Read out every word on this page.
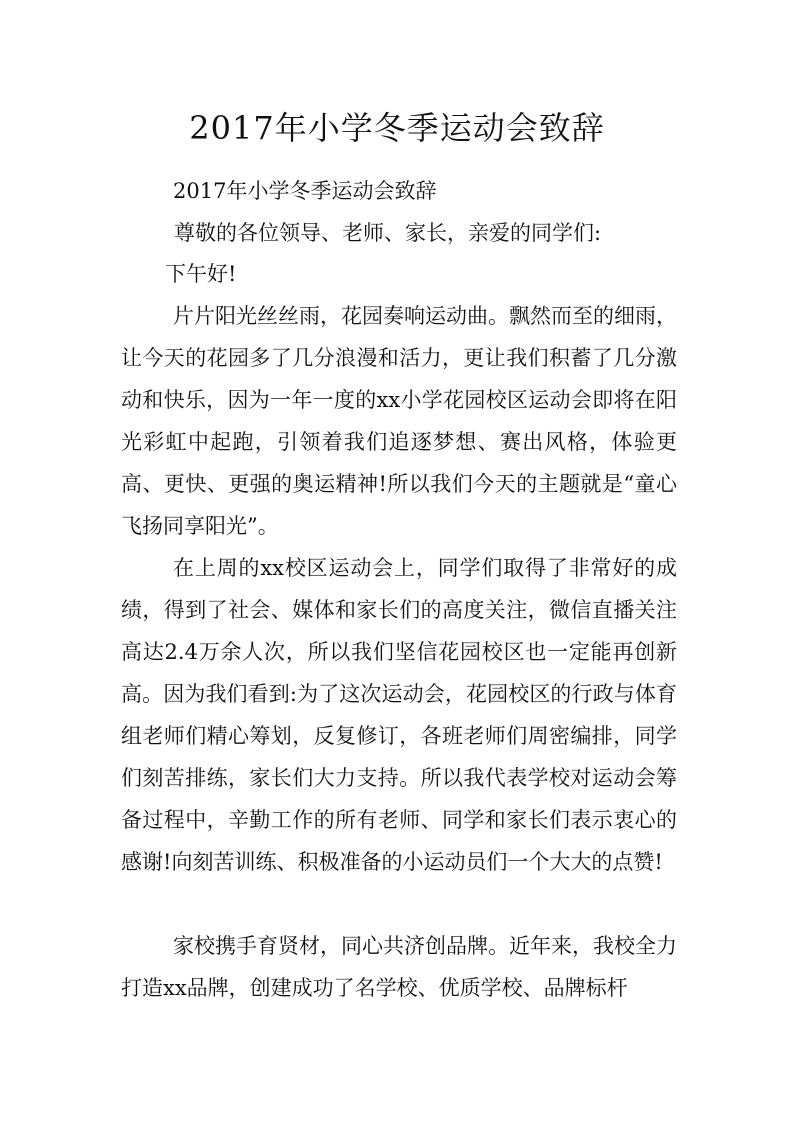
2017年小学冬季运动会致辞
2017年小学冬季运动会致辞
尊敬的各位领导、老师、家长，亲爱的同学们:
下午好!
片片阳光丝丝雨，花园奏响运动曲。飘然而至的细雨，让今天的花园多了几分浪漫和活力，更让我们积蓄了几分激动和快乐，因为一年一度的xx小学花园校区运动会即将在阳光彩虹中起跑，引领着我们追逐梦想、赛出风格，体验更高、更快、更强的奥运精神!所以我们今天的主题就是“童心飞扬同享阳光”。
在上周的xx校区运动会上，同学们取得了非常好的成绩，得到了社会、媒体和家长们的高度关注，微信直播关注高达2.4万余人次，所以我们坚信花园校区也一定能再创新高。因为我们看到:为了这次运动会，花园校区的行政与体育组老师们精心筹划，反复修订，各班老师们周密编排，同学们刻苦排练，家长们大力支持。所以我代表学校对运动会筹备过程中，辛勤工作的所有老师、同学和家长们表示衷心的感谢!向刻苦训练、积极准备的小运动员们一个大大的点赞!
家校携手育贤材，同心共济创品牌。近年来，我校全力打造xx品牌，创建成功了名学校、优质学校、品牌标杆
